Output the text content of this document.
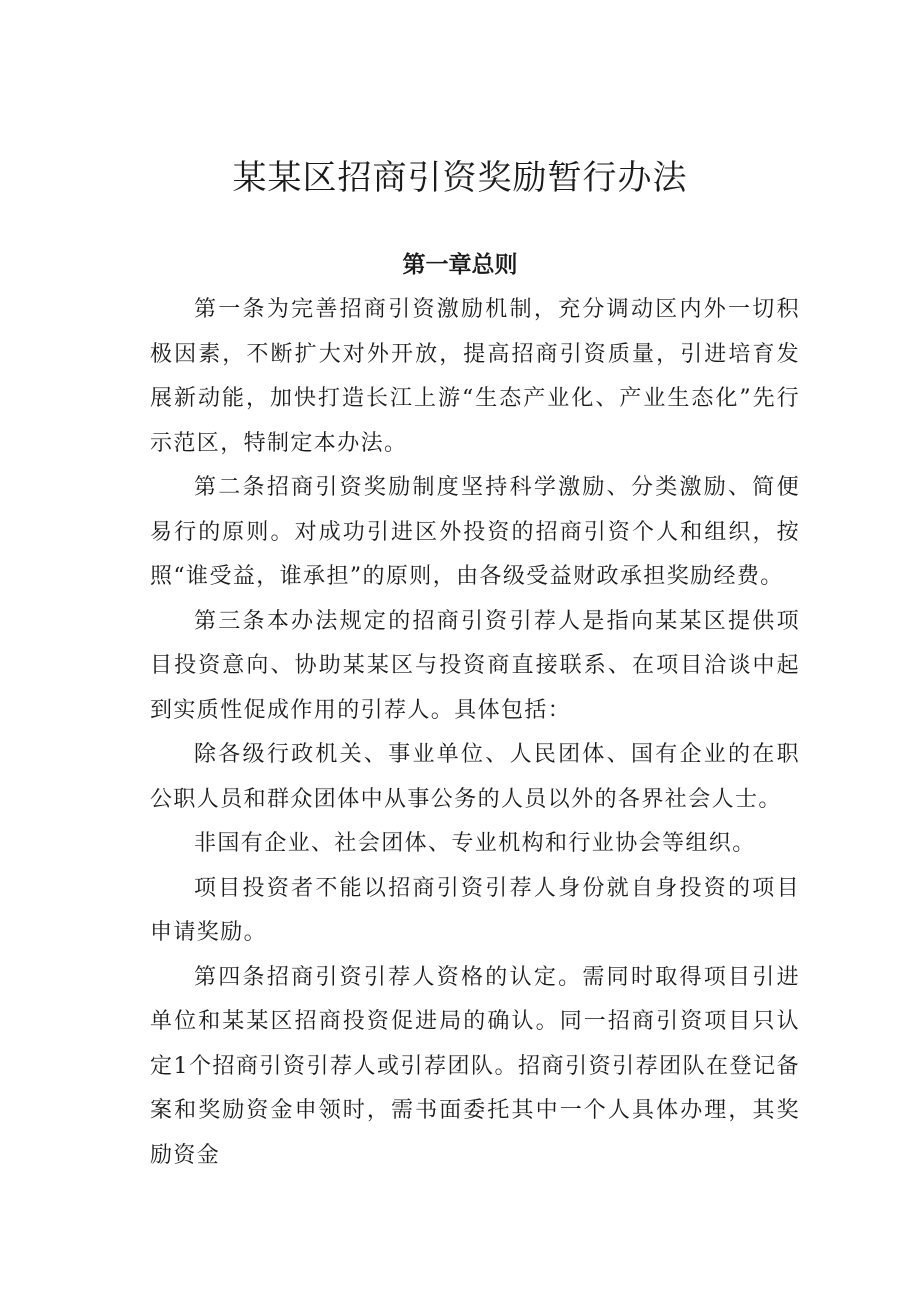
某某区招商引资奖励暂行办法
第一章总则

第一条为完善招商引资激励机制，充分调动区内外一切积极因素，不断扩大对外开放，提高招商引资质量，引进培育发展新动能，加快打造长江上游“生态产业化、产业生态化”先行示范区，特制定本办法。

第二条招商引资奖励制度坚持科学激励、分类激励、简便易行的原则。对成功引进区外投资的招商引资个人和组织，按照“谁受益，谁承担”的原则，由各级受益财政承担奖励经费。

第三条本办法规定的招商引资引荐人是指向某某区提供项目投资意向、协助某某区与投资商直接联系、在项目洽谈中起到实质性促成作用的引荐人。具体包括：

除各级行政机关、事业单位、人民团体、国有企业的在职公职人员和群众团体中从事公务的人员以外的各界社会人士。

非国有企业、社会团体、专业机构和行业协会等组织。

项目投资者不能以招商引资引荐人身份就自身投资的项目申请奖励。

第四条招商引资引荐人资格的认定。需同时取得项目引进单位和某某区招商投资促进局的确认。同一招商引资项目只认定1个招商引资引荐人或引荐团队。招商引资引荐团队在登记备案和奖励资金申领时，需书面委托其中一个人具体办理，其奖励资金
